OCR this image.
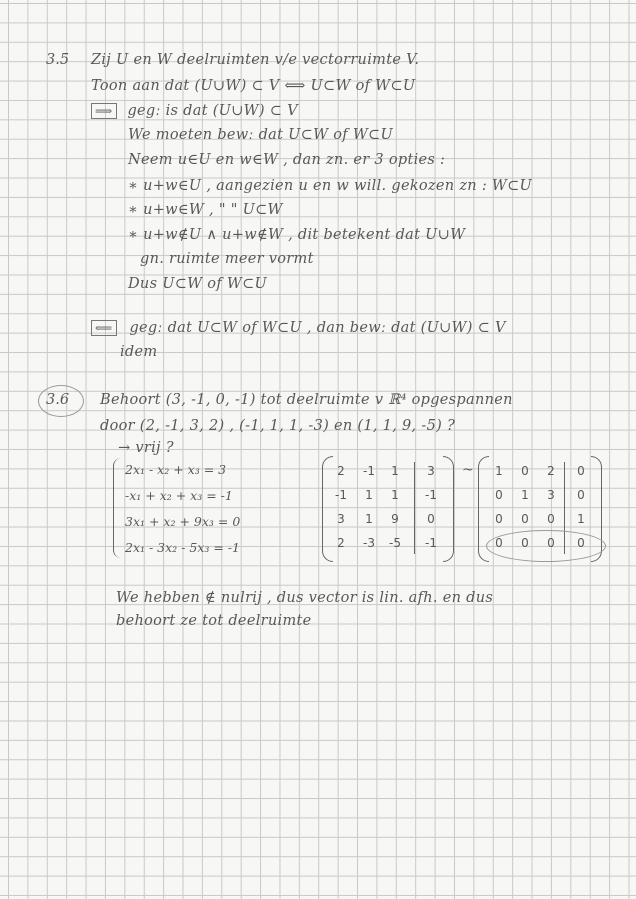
3.5 Zij U en W deelruimten v/e vectorruimte V.
Toon aan dat (U∪W) ⊂ V ⟺ U⊂W of W⊂U
⟹ gegː is dat (U∪W) ⊂ V
We moeten bewː dat U⊂W of W⊂U
Neem u∈U en w∈W , dan zn. er 3 opties :
∗ u+w∈U , aangezien u en w will. gekozen zn : W⊂U
∗ u+w∈W , " " U⊂W
∗ u+w∉U ∧ u+w∉W , dit betekent dat U∪W
gn. ruimte meer vormt
Dus U⊂W of W⊂U
⟸ gegː dat U⊂W of W⊂U , dan bewː dat (U∪W) ⊂ V
idem
3.6 Behoort (3, -1, 0, -1) tot deelruimte v ℝ⁴ opgespannen
door (2, -1, 3, 2) , (-1, 1, 1, -3) en (1, 1, 9, -5) ?
→ vrij ?
2x₁ - x₂ + x₃ = 3
-x₁ + x₂ + x₃ = -1
3x₁ + x₂ + 9x₃ = 0
2x₁ - 3x₂ - 5x₃ = -1
2	-1	1	3
-1	1	1	-1
3	1	9	0
2	-3	-5	-1
~	1	0	2	0
0	1	3	0
0	0	0	1
0	0	0	0
We hebben ∉ nulrij , dus vector is lin. afh. en dus
behoort ze tot deelruimte
